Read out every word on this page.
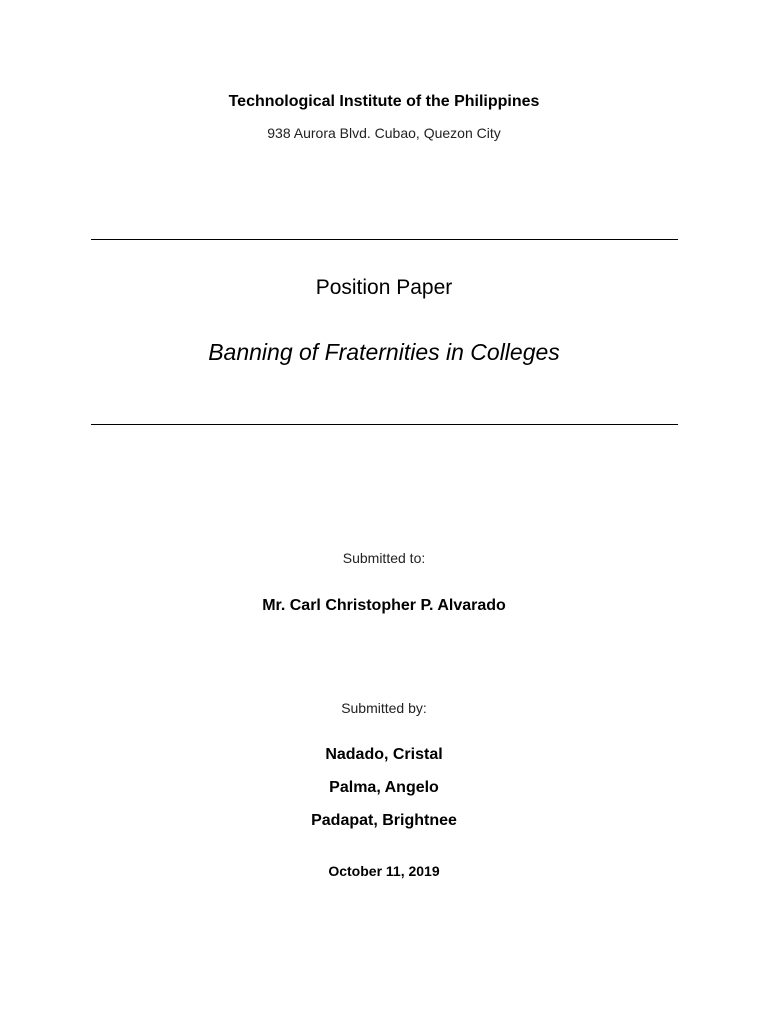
Technological Institute of the Philippines
938 Aurora Blvd. Cubao, Quezon City
Position Paper
Banning of Fraternities in Colleges
Submitted to:
Mr. Carl Christopher P. Alvarado
Submitted by:
Nadado, Cristal
Palma, Angelo
Padapat, Brightnee
October 11, 2019
